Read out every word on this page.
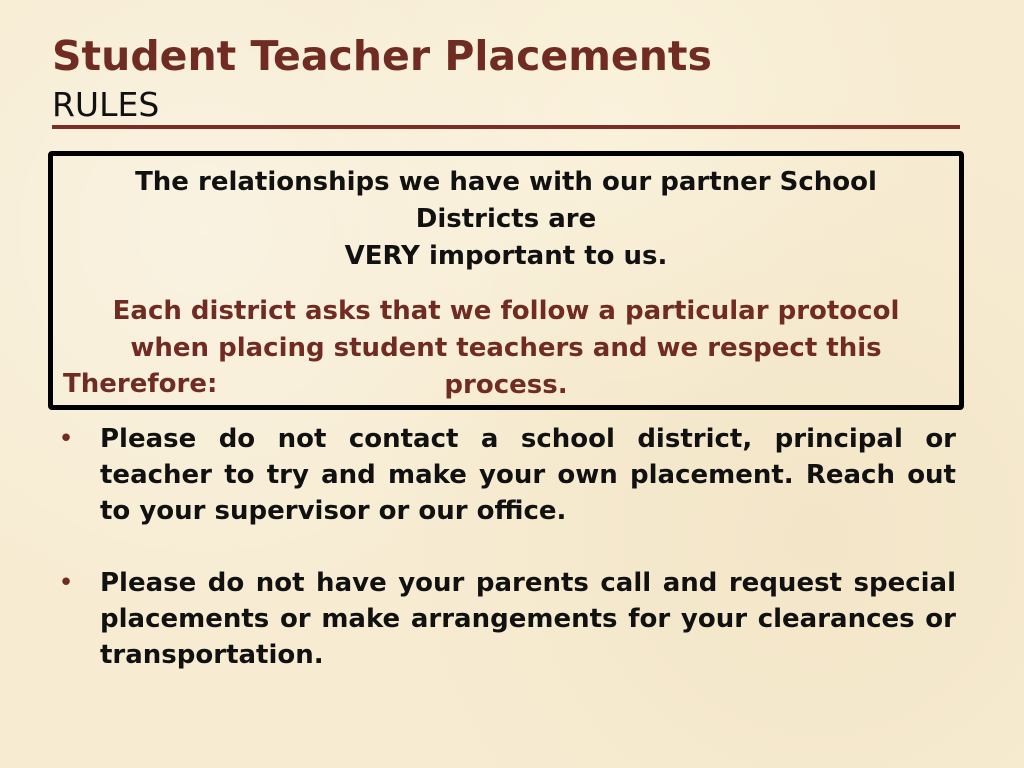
Student Teacher Placements
RULES
The relationships we have with our partner School
Districts are
VERY important to us.
Each district asks that we follow a particular protocol
when placing student teachers and we respect this
process.
Therefore:
• Please do not contact a school district, principal or teacher to try and make your own placement. Reach out to your supervisor or our office.
• Please do not have your parents call and request special placements or make arrangements for your clearances or transportation.
